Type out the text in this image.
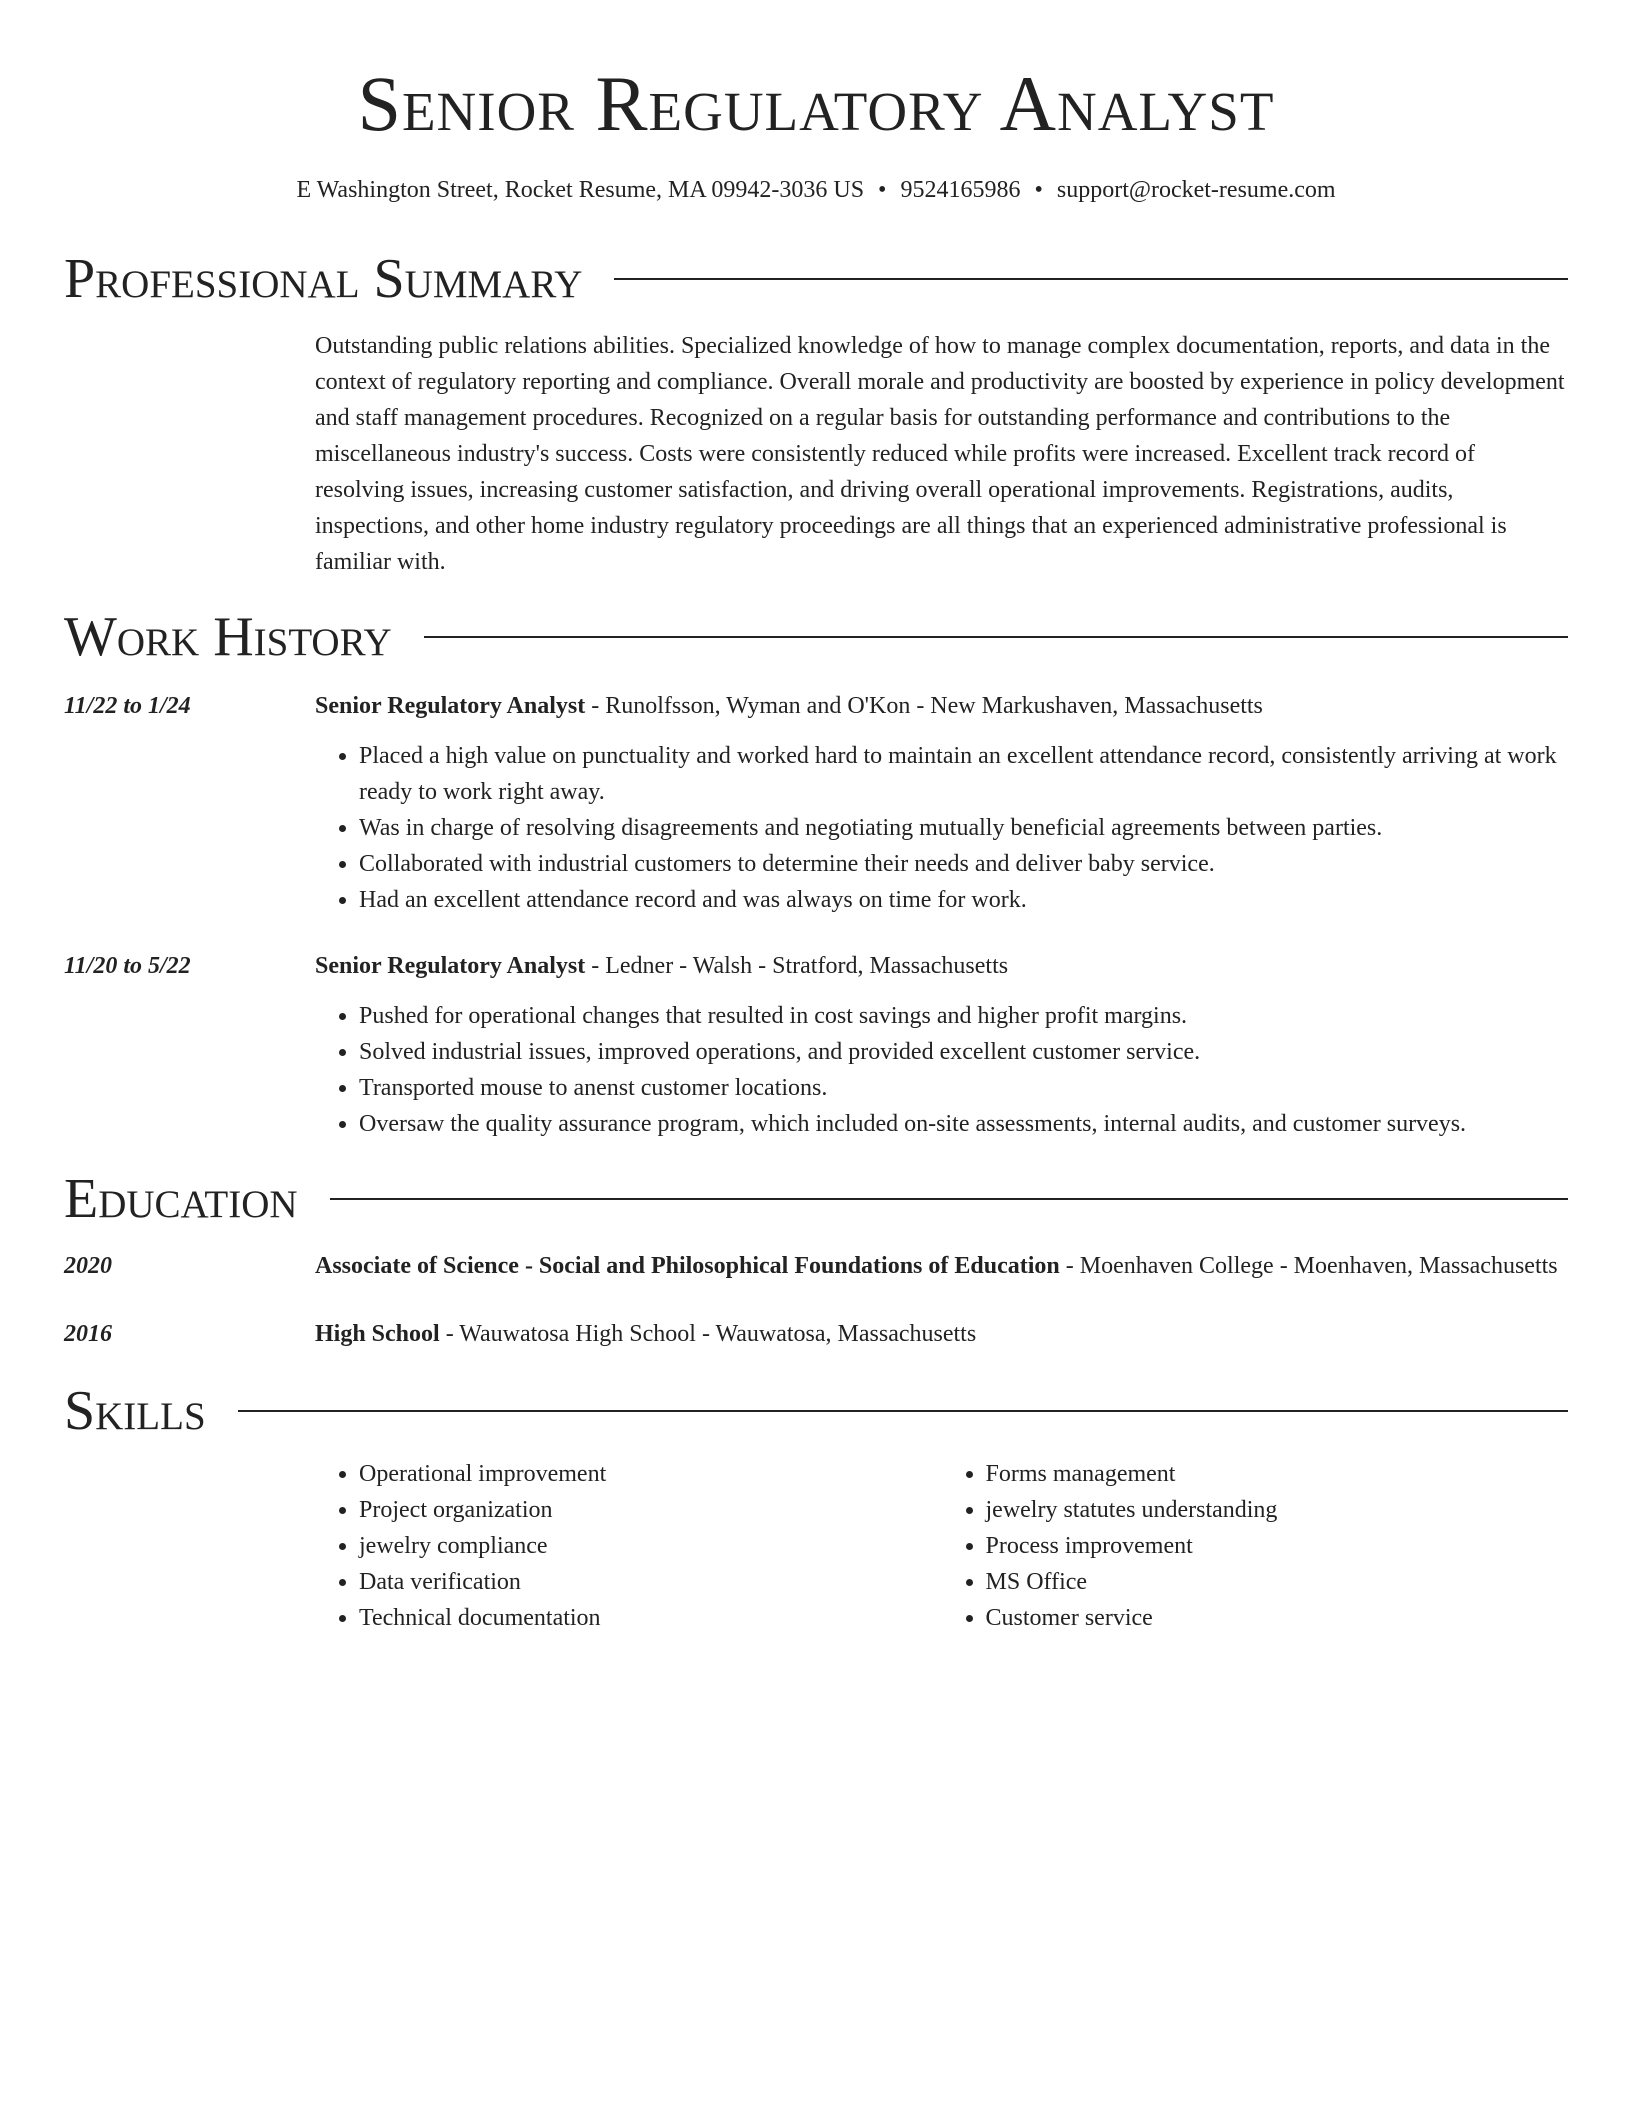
Senior Regulatory Analyst
E Washington Street, Rocket Resume, MA 09942-3036 US • 9524165986 • support@rocket-resume.com
Professional Summary
Outstanding public relations abilities. Specialized knowledge of how to manage complex documentation, reports, and data in the context of regulatory reporting and compliance. Overall morale and productivity are boosted by experience in policy development and staff management procedures. Recognized on a regular basis for outstanding performance and contributions to the miscellaneous industry's success. Costs were consistently reduced while profits were increased. Excellent track record of resolving issues, increasing customer satisfaction, and driving overall operational improvements. Registrations, audits, inspections, and other home industry regulatory proceedings are all things that an experienced administrative professional is familiar with.
Work History
11/22 to 1/24	Senior Regulatory Analyst - Runolfsson, Wyman and O'Kon - New Markushaven, Massachusetts
• Placed a high value on punctuality and worked hard to maintain an excellent attendance record, consistently arriving at work ready to work right away.
• Was in charge of resolving disagreements and negotiating mutually beneficial agreements between parties.
• Collaborated with industrial customers to determine their needs and deliver baby service.
• Had an excellent attendance record and was always on time for work.
11/20 to 5/22	Senior Regulatory Analyst - Ledner - Walsh - Stratford, Massachusetts
• Pushed for operational changes that resulted in cost savings and higher profit margins.
• Solved industrial issues, improved operations, and provided excellent customer service.
• Transported mouse to anenst customer locations.
• Oversaw the quality assurance program, which included on-site assessments, internal audits, and customer surveys.
Education
2020	Associate of Science - Social and Philosophical Foundations of Education - Moenhaven College - Moenhaven, Massachusetts
2016	High School - Wauwatosa High School - Wauwatosa, Massachusetts
Skills
• Operational improvement
• Project organization
• jewelry compliance
• Data verification
• Technical documentation
• Forms management
• jewelry statutes understanding
• Process improvement
• MS Office
• Customer service
